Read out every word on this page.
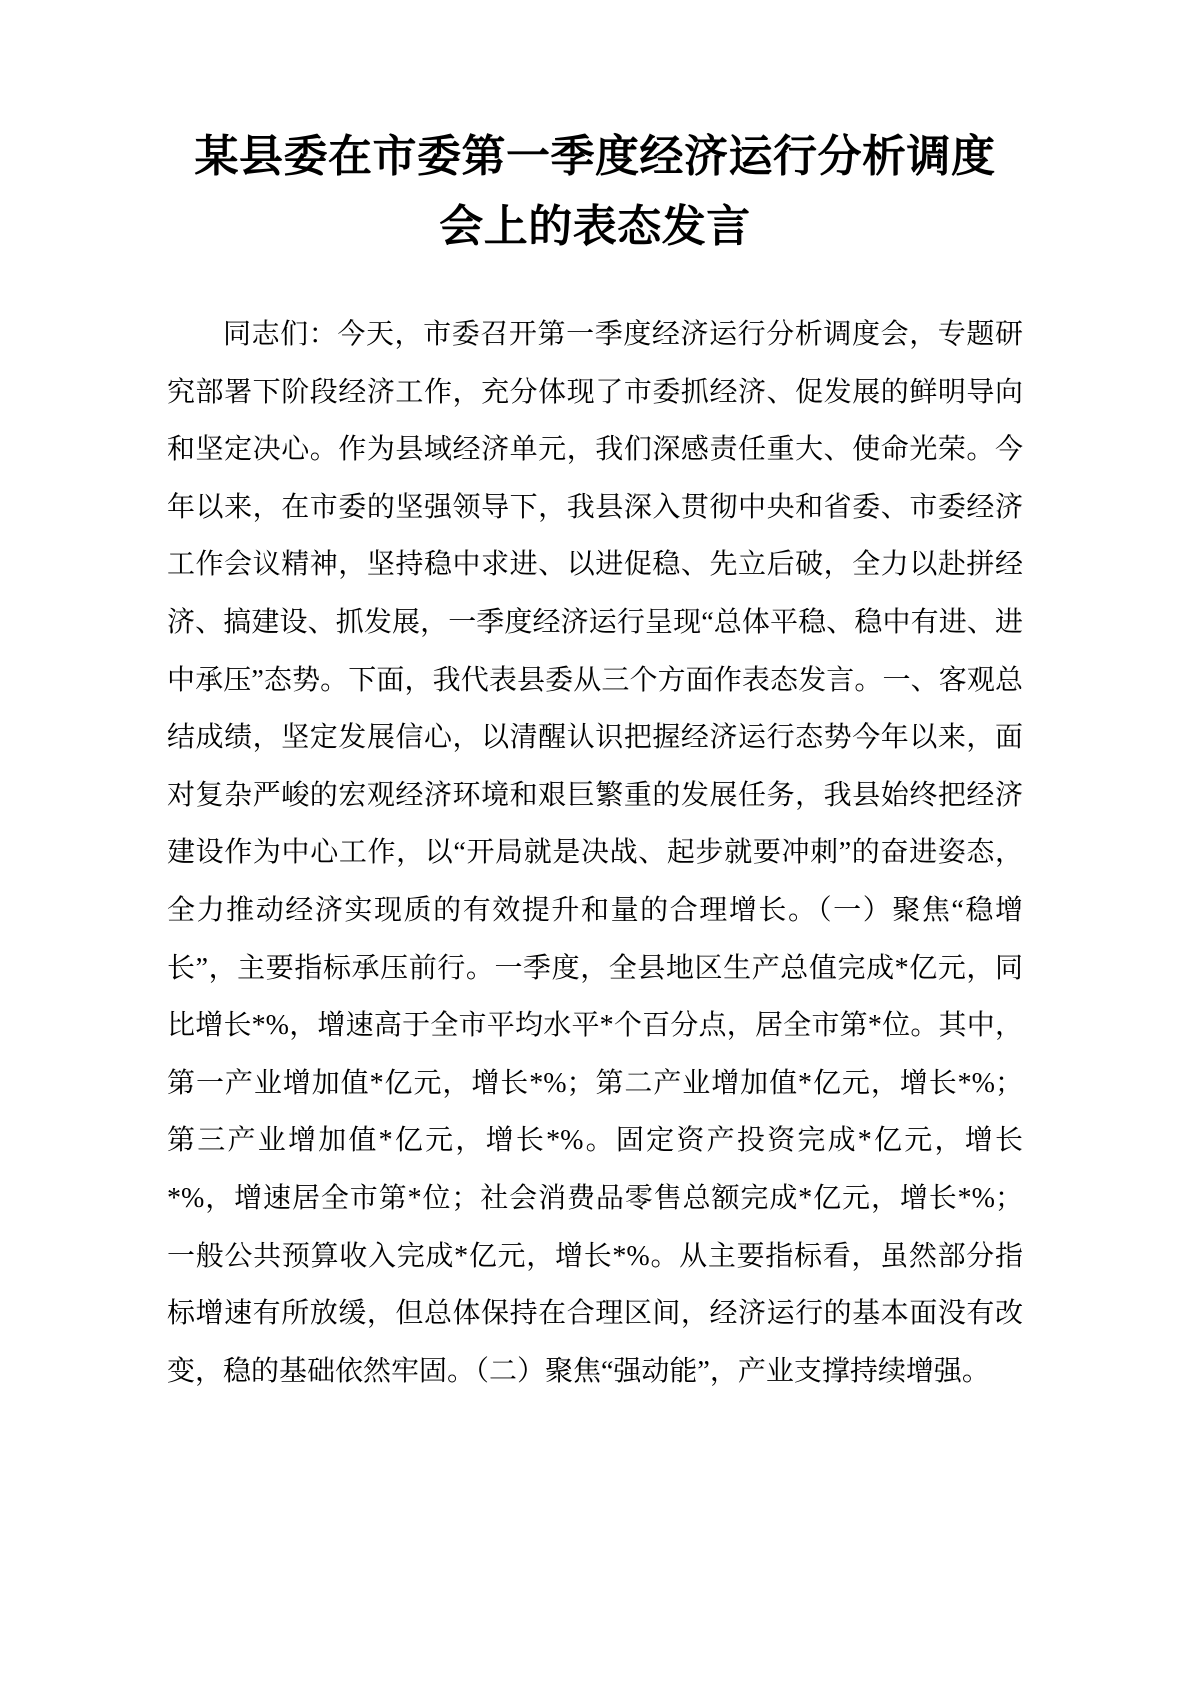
某县委在市委第一季度经济运行分析调度
会上的表态发言

同志们：今天，市委召开第一季度经济运行分析调度会，专题研究部署下阶段经济工作，充分体现了市委抓经济、促发展的鲜明导向和坚定决心。作为县域经济单元，我们深感责任重大、使命光荣。今年以来，在市委的坚强领导下，我县深入贯彻中央和省委、市委经济工作会议精神，坚持稳中求进、以进促稳、先立后破，全力以赴拼经济、搞建设、抓发展，一季度经济运行呈现“总体平稳、稳中有进、进中承压”态势。下面，我代表县委从三个方面作表态发言。一、客观总结成绩，坚定发展信心，以清醒认识把握经济运行态势今年以来，面对复杂严峻的宏观经济环境和艰巨繁重的发展任务，我县始终把经济建设作为中心工作，以“开局就是决战、起步就要冲刺”的奋进姿态，全力推动经济实现质的有效提升和量的合理增长。（一）聚焦“稳增长”，主要指标承压前行。一季度，全县地区生产总值完成*亿元，同比增长*%，增速高于全市平均水平*个百分点，居全市第*位。其中，第一产业增加值*亿元，增长*%；第二产业增加值*亿元，增长*%；第三产业增加值*亿元，增长*%。固定资产投资完成*亿元，增长*%，增速居全市第*位；社会消费品零售总额完成*亿元，增长*%；一般公共预算收入完成*亿元，增长*%。从主要指标看，虽然部分指标增速有所放缓，但总体保持在合理区间，经济运行的基本面没有改变，稳的基础依然牢固。（二）聚焦“强动能”，产业支撑持续增强。
